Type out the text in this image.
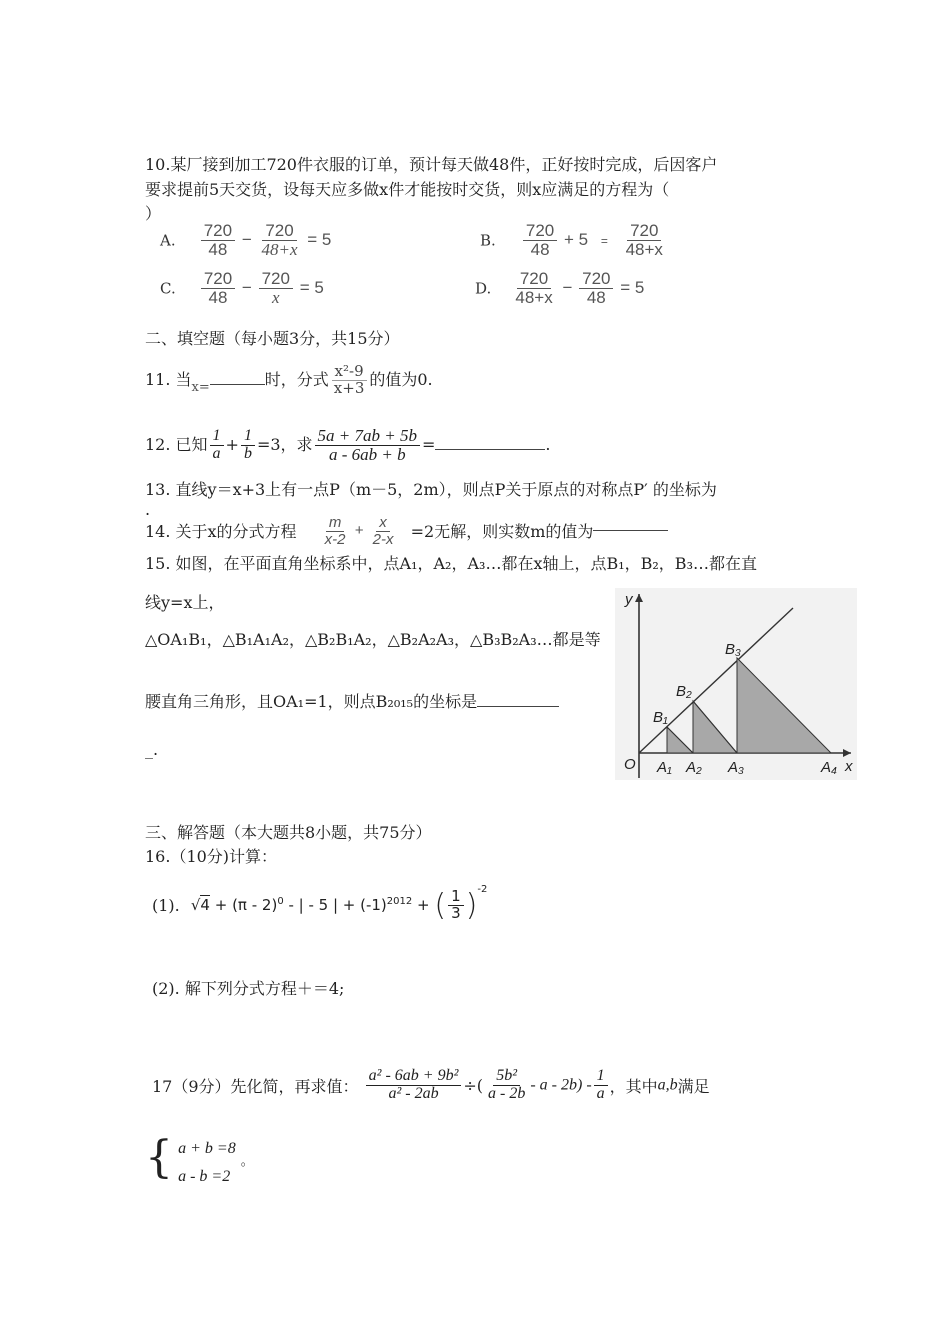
10.某厂接到加工720件衣服的订单，预计每天做48件，正好按时完成，后因客户
要求提前5天交货，设每天应多做x件才能按时交货，则x应满足的方程为（
）
A. $\frac{720}{48} - \frac{720}{48+x} = 5$	B. $\frac{720}{48} + 5 = \frac{720}{48+x}$
C. $\frac{720}{48} - \frac{720}{x} = 5$	D. $\frac{720}{48+x} - \frac{720}{48} = 5$
二、填空题（每小题3分，共15分）
11. 当$_{x=}$	时，分式 $\frac{\text{x²-9}}{x+3}$ 的值为0.
12. 已知 $\frac{1}{a} + \frac{1}{b} =3$，求 $\frac{5a + 7ab + 5b}{a - 6ab + b}$ =	.
13. 直线y＝x+3上有一点P（m－5，2m），则点P关于原点的对称点P′ 的坐标为
.
14. 关于x的分式方程 $\frac{m}{x-2} + \frac{x}{2-x} =2$无解，则实数m的值为
15. 如图，在平面直角坐标系中，点A₁，A₂，A₃…都在x轴上，点B₁，B₂，B₃…都在直
线y=x上，
△OA₁B₁，△B₁A₁A₂，△B₂B₁A₂，△B₂A₂A₃，△B₃B₂A₃…都是等
腰直角三角形，且OA₁=1，则点B₂₀₁₅的坐标是
_.
y
x
O A₁ A₂ A₃	A₄
B₁
B₂
B₃
三、解答题（本大题共8小题，共75分）
16.（10分)计算：
(1). √4 + (π - 2)$^0$ - | - 5 | + $(-1)^{2012}$ + ( $\frac{1}{3} )^{-2}$
(2). 解下列分式方程＋＝4;
17（9分）先化简，再求值： $\frac{\text{a² - 6ab + 9b²}}{\text{a² - 2ab}}$ ÷( $\frac{\text{5b²}}{a - 2b}$ - a - $2b) - \frac{1}{a}$ ，其中a,b满足
{ a + b =8
a - b =2
。
